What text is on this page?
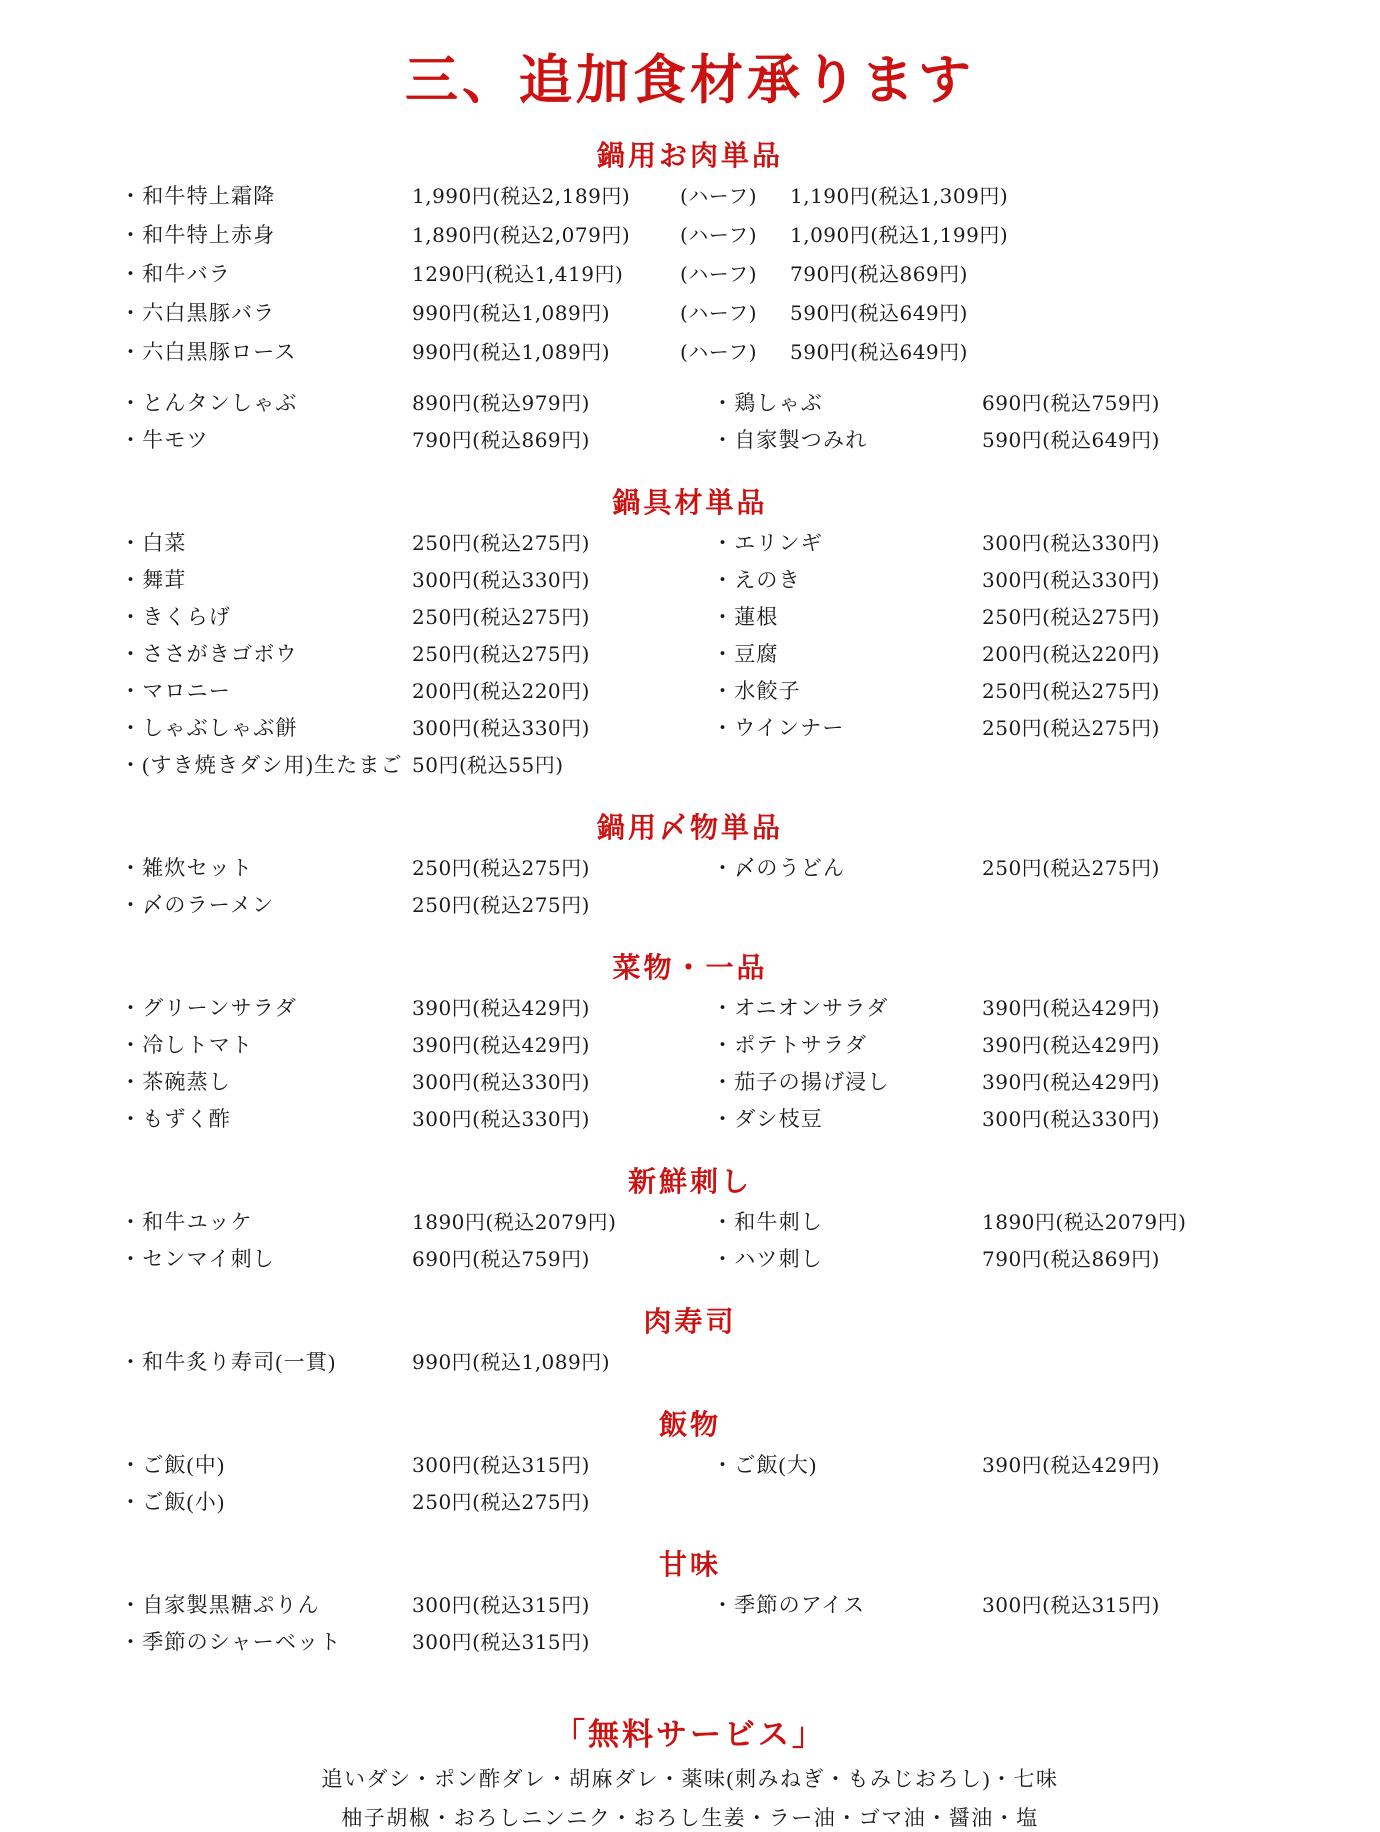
三、追加食材承ります
鍋用お肉単品
・和牛特上霜降	1,990円(税込2,189円)	(ハーフ)	1,190円(税込1,309円)
・和牛特上赤身	1,890円(税込2,079円)	(ハーフ)	1,090円(税込1,199円)
・和牛バラ	1290円(税込1,419円)	(ハーフ)	790円(税込869円)
・六白黒豚バラ	990円(税込1,089円)	(ハーフ)	590円(税込649円)
・六白黒豚ロース	990円(税込1,089円)	(ハーフ)	590円(税込649円)
・とんタンしゃぶ	890円(税込979円)	・鶏しゃぶ	690円(税込759円)
・牛モツ	790円(税込869円)	・自家製つみれ	590円(税込649円)
鍋具材単品
・白菜	250円(税込275円)	・エリンギ	300円(税込330円)
・舞茸	300円(税込330円)	・えのき	300円(税込330円)
・きくらげ	250円(税込275円)	・蓮根	250円(税込275円)
・ささがきゴボウ	250円(税込275円)	・豆腐	200円(税込220円)
・マロニー	200円(税込220円)	・水餃子	250円(税込275円)
・しゃぶしゃぶ餅	300円(税込330円)	・ウインナー	250円(税込275円)
・(すき焼きダシ用)生たまご 50円(税込55円)
鍋用〆物単品
・雑炊セット	250円(税込275円)	・〆のうどん	250円(税込275円)
・〆のラーメン	250円(税込275円)
菜物・一品
・グリーンサラダ	390円(税込429円)	・オニオンサラダ	390円(税込429円)
・冷しトマト	390円(税込429円)	・ポテトサラダ	390円(税込429円)
・茶碗蒸し	300円(税込330円)	・茄子の揚げ浸し	390円(税込429円)
・もずく酢	300円(税込330円)	・ダシ枝豆	300円(税込330円)
新鮮刺し
・和牛ユッケ	1890円(税込2079円)	・和牛刺し	1890円(税込2079円)
・センマイ刺し	690円(税込759円)	・ハツ刺し	790円(税込869円)
肉寿司
・和牛炙り寿司(一貫)	990円(税込1,089円)
飯物
・ご飯(中)	300円(税込315円)	・ご飯(大)	390円(税込429円)
・ご飯(小)	250円(税込275円)
甘味
・自家製黒糖ぷりん	300円(税込315円)	・季節のアイス	300円(税込315円)
・季節のシャーベット	300円(税込315円)
「無料サービス」
追いダシ・ポン酢ダレ・胡麻ダレ・薬味(刺みねぎ・もみじおろし)・七味
柚子胡椒・おろしニンニク・おろし生姜・ラー油・ゴマ油・醤油・塩
